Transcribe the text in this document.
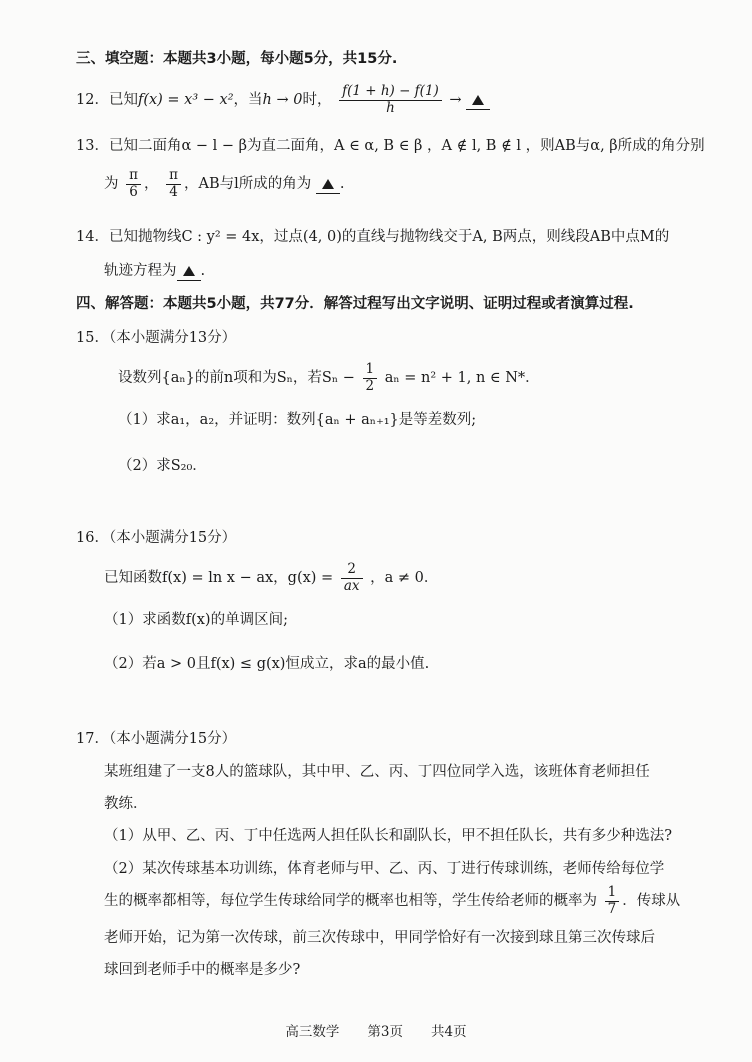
三、填空题：本题共3小题，每小题5分，共15分.
12．已知f(x) = x³ − x²，当h → 0时， $\frac{f(1 + h) - f(1)}{h}$ →
13．已知二面角α − l − β为直二面角，A ∈ α, B ∈ β ，A ∉ l, B ∉ l ，则AB与α, β所成的角分别
为 $\frac{\pi}{6}$ ， $\frac{\pi}{4}$ ，AB与l所成的角为 .
14．已知抛物线C : y² = 4x，过点(4, 0)的直线与抛物线交于A, B两点，则线段AB中点M的
轨迹方程为 .
四、解答题：本题共5小题，共77分．解答过程写出文字说明、证明过程或者演算过程.
15．（本小题满分13分）
设数列{aₙ}的前n项和为Sₙ，若$S_n - \frac{1}{2}$ aₙ = n² + 1, n ∈ N*．
（1）求a₁，a₂，并证明：数列{aₙ + aₙ₊₁}是等差数列;
（2）求S₂₀．
16．（本小题满分15分）
已知函数f(x) = ln x − ax，$g(x) = \frac{2}{ax}$ ，a ≠ 0．
（1）求函数f(x)的单调区间;
（2）若a > 0且f(x) ≤ g(x)恒成立，求a的最小值.
17．（本小题满分15分）
某班组建了一支8人的篮球队，其中甲、乙、丙、丁四位同学入选，该班体育老师担任
教练．
（1）从甲、乙、丙、丁中任选两人担任队长和副队长，甲不担任队长，共有多少种选法?
（2）某次传球基本功训练，体育老师与甲、乙、丙、丁进行传球训练，老师传给每位学
生的概率都相等，每位学生传球给同学的概率也相等，学生传给老师的概率为 $\frac{1}{7}$ ．传球从
老师开始，记为第一次传球，前三次传球中，甲同学恰好有一次接到球且第三次传球后
球回到老师手中的概率是多少?
高三数学 第3页 共4页
